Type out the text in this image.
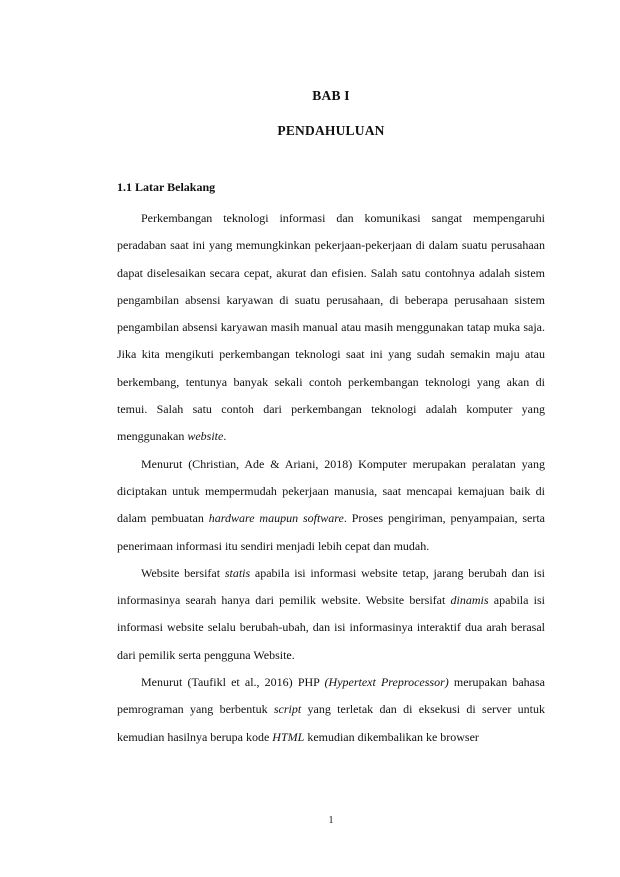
BAB I
PENDAHULUAN
1.1 Latar Belakang

Perkembangan teknologi informasi dan komunikasi sangat mempengaruhi peradaban saat ini yang memungkinkan pekerjaan-pekerjaan di dalam suatu perusahaan dapat diselesaikan secara cepat, akurat dan efisien. Salah satu contohnya adalah sistem pengambilan absensi karyawan di suatu perusahaan, di beberapa perusahaan sistem pengambilan absensi karyawan masih manual atau masih menggunakan tatap muka saja. Jika kita mengikuti perkembangan teknologi saat ini yang sudah semakin maju atau berkembang, tentunya banyak sekali contoh perkembangan teknologi yang akan di temui. Salah satu contoh dari perkembangan teknologi adalah komputer yang menggunakan website.

Menurut (Christian, Ade & Ariani, 2018) Komputer merupakan peralatan yang diciptakan untuk mempermudah pekerjaan manusia, saat mencapai kemajuan baik di dalam pembuatan hardware maupun software. Proses pengiriman, penyampaian, serta penerimaan informasi itu sendiri menjadi lebih cepat dan mudah.

Website bersifat statis apabila isi informasi website tetap, jarang berubah dan isi informasinya searah hanya dari pemilik website. Website bersifat dinamis apabila isi informasi website selalu berubah-ubah, dan isi informasinya interaktif dua arah berasal dari pemilik serta pengguna Website.

Menurut (Taufikl et al., 2016) PHP (Hypertext Preprocessor) merupakan bahasa pemrograman yang berbentuk script yang terletak dan di eksekusi di server untuk kemudian hasilnya berupa kode HTML kemudian dikembalikan ke browser

1
